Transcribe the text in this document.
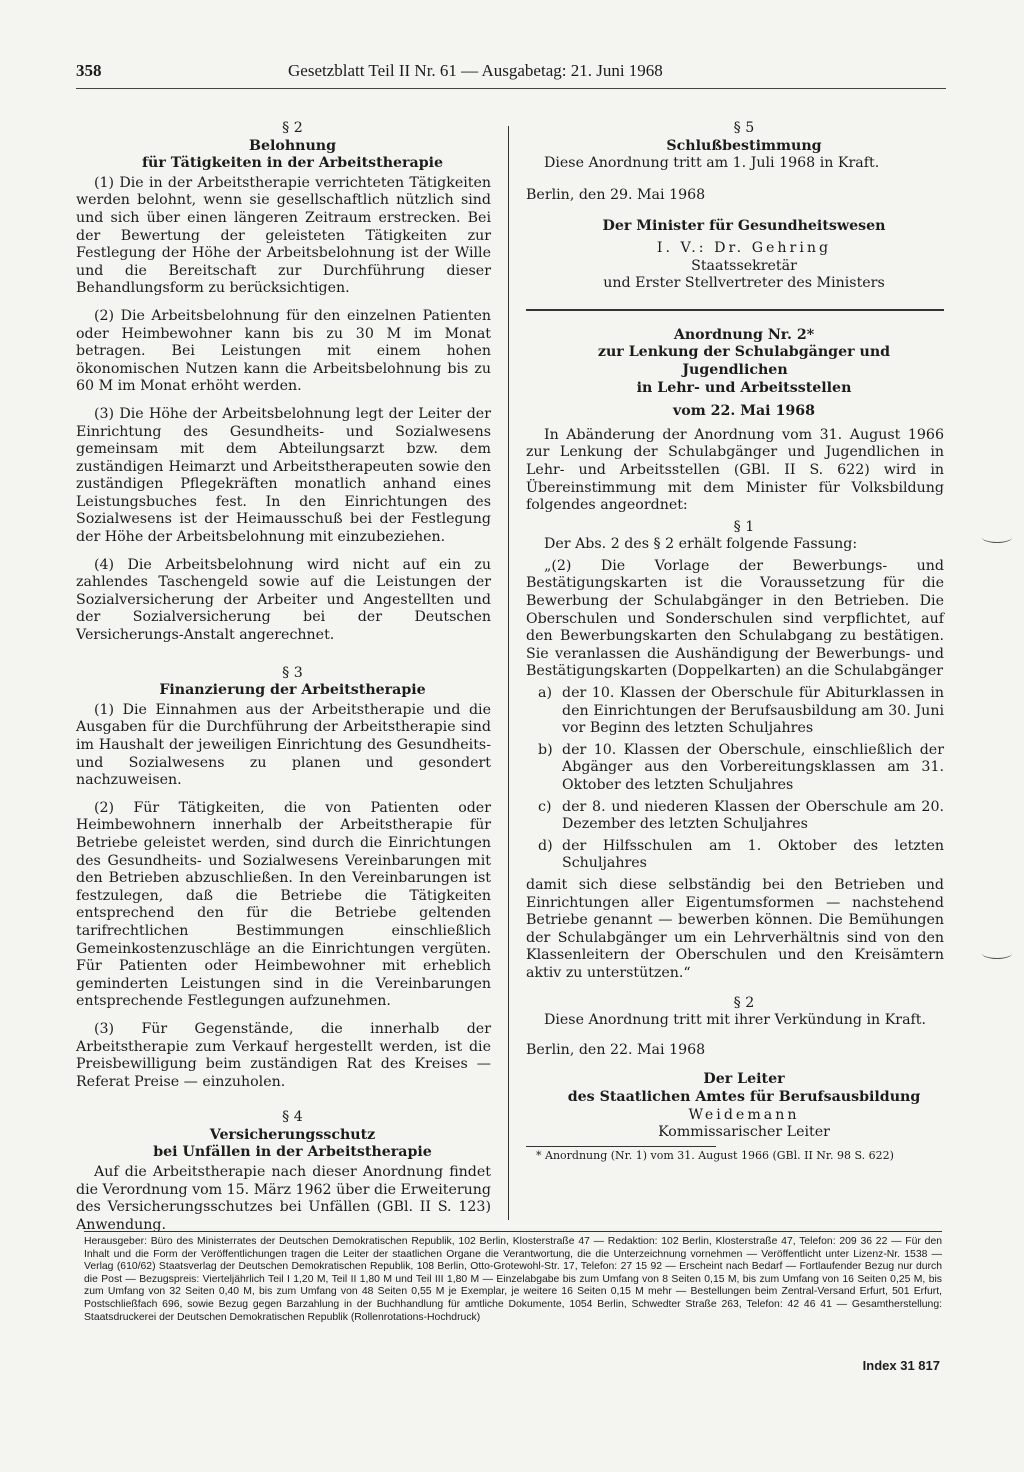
358	Gesetzblatt Teil II Nr. 61 — Ausgabetag: 21. Juni 1968

§ 2

Belohnung

für Tätigkeiten in der Arbeitstherapie

(1) Die in der Arbeitstherapie verrichteten Tätigkeiten werden belohnt, wenn sie gesellschaftlich nützlich sind und sich über einen längeren Zeitraum erstrecken. Bei der Bewertung der geleisteten Tätigkeiten zur Festlegung der Höhe der Arbeitsbelohnung ist der Wille und die Bereitschaft zur Durchführung dieser Behandlungsform zu berücksichtigen.

(2) Die Arbeitsbelohnung für den einzelnen Patienten oder Heimbewohner kann bis zu 30 M im Monat betragen. Bei Leistungen mit einem hohen ökonomischen Nutzen kann die Arbeitsbelohnung bis zu 60 M im Monat erhöht werden.

(3) Die Höhe der Arbeitsbelohnung legt der Leiter der Einrichtung des Gesundheits- und Sozialwesens gemeinsam mit dem Abteilungsarzt bzw. dem zuständigen Heimarzt und Arbeitstherapeuten sowie den zuständigen Pflegekräften monatlich anhand eines Leistungsbuches fest. In den Einrichtungen des Sozialwesens ist der Heimausschuß bei der Festlegung der Höhe der Arbeitsbelohnung mit einzubeziehen.

(4) Die Arbeitsbelohnung wird nicht auf ein zu zahlendes Taschengeld sowie auf die Leistungen der Sozialversicherung der Arbeiter und Angestellten und der Sozialversicherung bei der Deutschen Versicherungs-Anstalt angerechnet.

§ 3

Finanzierung der Arbeitstherapie

(1) Die Einnahmen aus der Arbeitstherapie und die Ausgaben für die Durchführung der Arbeitstherapie sind im Haushalt der jeweiligen Einrichtung des Gesundheits- und Sozialwesens zu planen und gesondert nachzuweisen.

(2) Für Tätigkeiten, die von Patienten oder Heimbewohnern innerhalb der Arbeitstherapie für Betriebe geleistet werden, sind durch die Einrichtungen des Gesundheits- und Sozialwesens Vereinbarungen mit den Betrieben abzuschließen. In den Vereinbarungen ist festzulegen, daß die Betriebe die Tätigkeiten entsprechend den für die Betriebe geltenden tarifrechtlichen Bestimmungen einschließlich Gemeinkostenzuschläge an die Einrichtungen vergüten. Für Patienten oder Heimbewohner mit erheblich geminderten Leistungen sind in die Vereinbarungen entsprechende Festlegungen aufzunehmen.

(3) Für Gegenstände, die innerhalb der Arbeitstherapie zum Verkauf hergestellt werden, ist die Preisbewilligung beim zuständigen Rat des Kreises — Referat Preise — einzuholen.

§ 4

Versicherungsschutz

bei Unfällen in der Arbeitstherapie

Auf die Arbeitstherapie nach dieser Anordnung findet die Verordnung vom 15. März 1962 über die Erweiterung des Versicherungsschutzes bei Unfällen (GBl. II S. 123) Anwendung.

§ 5

Schlußbestimmung

Diese Anordnung tritt am 1. Juli 1968 in Kraft.

Berlin, den 29. Mai 1968

Der Minister für Gesundheitswesen

I. V.: Dr. Gehring

Staatssekretär

und Erster Stellvertreter des Ministers

Anordnung Nr. 2*

zur Lenkung der Schulabgänger und Jugendlichen

in Lehr- und Arbeitsstellen

vom 22. Mai 1968

In Abänderung der Anordnung vom 31. August 1966 zur Lenkung der Schulabgänger und Jugendlichen in Lehr- und Arbeitsstellen (GBl. II S. 622) wird in Übereinstimmung mit dem Minister für Volksbildung folgendes angeordnet:

§ 1

Der Abs. 2 des § 2 erhält folgende Fassung:

„(2) Die Vorlage der Bewerbungs- und Bestätigungskarten ist die Voraussetzung für die Bewerbung der Schulabgänger in den Betrieben. Die Oberschulen und Sonderschulen sind verpflichtet, auf den Bewerbungskarten den Schulabgang zu bestätigen. Sie veranlassen die Aushändigung der Bewerbungs- und Bestätigungskarten (Doppelkarten) an die Schulabgänger

a) der 10. Klassen der Oberschule für Abiturklassen in den Einrichtungen der Berufsausbildung am 30. Juni vor Beginn des letzten Schuljahres
b) der 10. Klassen der Oberschule, einschließlich der Abgänger aus den Vorbereitungsklassen am 31. Oktober des letzten Schuljahres
c) der 8. und niederen Klassen der Oberschule am 20. Dezember des letzten Schuljahres
d) der Hilfsschulen am 1. Oktober des letzten Schuljahres

damit sich diese selbständig bei den Betrieben und Einrichtungen aller Eigentumsformen — nachstehend Betriebe genannt — bewerben können. Die Bemühungen der Schulabgänger um ein Lehrverhältnis sind von den Klassenleitern der Oberschulen und den Kreisämtern aktiv zu unterstützen.“

§ 2

Diese Anordnung tritt mit ihrer Verkündung in Kraft.

Berlin, den 22. Mai 1968

Der Leiter

des Staatlichen Amtes für Berufsausbildung

Weidemann

Kommissarischer Leiter

* Anordnung (Nr. 1) vom 31. August 1966 (GBl. II Nr. 98 S. 622)

Herausgeber: Büro des Ministerrates der Deutschen Demokratischen Republik, 102 Berlin, Klosterstraße 47 — Redaktion: 102 Berlin, Klosterstraße 47, Telefon: 209 36 22 — Für den Inhalt und die Form der Veröffentlichungen tragen die Leiter der staatlichen Organe die Verantwortung, die die Unterzeichnung vornehmen — Veröffentlicht unter Lizenz-Nr. 1538 — Verlag (610/62) Staatsverlag der Deutschen Demokratischen Republik, 108 Berlin, Otto-Grotewohl-Str. 17, Telefon: 27 15 92 — Erscheint nach Bedarf — Fortlaufender Bezug nur durch die Post — Bezugspreis: Vierteljährlich Teil I 1,20 M, Teil II 1,80 M und Teil III 1,80 M — Einzelabgabe bis zum Umfang von 8 Seiten 0,15 M, bis zum Umfang von 16 Seiten 0,25 M, bis zum Umfang von 32 Seiten 0,40 M, bis zum Umfang von 48 Seiten 0,55 M je Exemplar, je weitere 16 Seiten 0,15 M mehr — Bestellungen beim Zentral-Versand Erfurt, 501 Erfurt, Postschließfach 696, sowie Bezug gegen Barzahlung in der Buchhandlung für amtliche Dokumente, 1054 Berlin, Schwedter Straße 263, Telefon: 42 46 41 — Gesamtherstellung: Staatsdruckerei der Deutschen Demokratischen Republik (Rollenrotations-Hochdruck)
Index 31 817
